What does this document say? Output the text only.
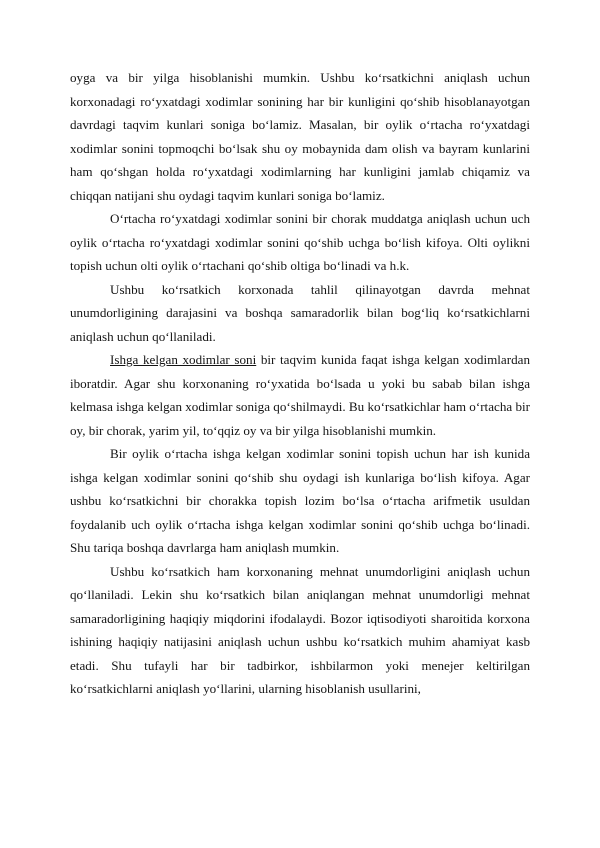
oyga va bir yilga hisoblanishi mumkin. Ushbu ko‘rsatkichni aniqlash uchun korxonadagi ro‘yxatdagi xodimlar sonining har bir kunligini qo‘shib hisoblanayotgan davrdagi taqvim kunlari soniga bo‘lamiz. Masalan, bir oylik o‘rtacha ro‘yxatdagi xodimlar sonini topmoqchi bo‘lsak shu oy mobaynida dam olish va bayram kunlarini ham qo‘shgan holda ro‘yxatdagi xodimlarning har kunligini jamlab chiqamiz va chiqqan natijani shu oydagi taqvim kunlari soniga bo‘lamiz.

O‘rtacha ro‘yxatdagi xodimlar sonini bir chorak muddatga aniqlash uchun uch oylik o‘rtacha ro‘yxatdagi xodimlar sonini qo‘shib uchga bo‘lish kifoya. Olti oylikni topish uchun olti oylik o‘rtachani qo‘shib oltiga bo‘linadi va h.k.

Ushbu ko‘rsatkich korxonada tahlil qilinayotgan davrda mehnat unumdorligining darajasini va boshqa samaradorlik bilan bog‘liq ko‘rsatkichlarni aniqlash uchun qo‘llaniladi.

Ishga kelgan xodimlar soni bir taqvim kunida faqat ishga kelgan xodimlardan iboratdir. Agar shu korxonaning ro‘yxatida bo‘lsada u yoki bu sabab bilan ishga kelmasa ishga kelgan xodimlar soniga qo‘shilmaydi. Bu ko‘rsatkichlar ham o‘rtacha bir oy, bir chorak, yarim yil, to‘qqiz oy va bir yilga hisoblanishi mumkin.

Bir oylik o‘rtacha ishga kelgan xodimlar sonini topish uchun har ish kunida ishga kelgan xodimlar sonini qo‘shib shu oydagi ish kunlariga bo‘lish kifoya. Agar ushbu ko‘rsatkichni bir chorakka topish lozim bo‘lsa o‘rtacha arifmetik usuldan foydalanib uch oylik o‘rtacha ishga kelgan xodimlar sonini qo‘shib uchga bo‘linadi. Shu tariqa boshqa davrlarga ham aniqlash mumkin.

Ushbu ko‘rsatkich ham korxonaning mehnat unumdorligini aniqlash uchun qo‘llaniladi. Lekin shu ko‘rsatkich bilan aniqlangan mehnat unumdorligi mehnat samaradorligining haqiqiy miqdorini ifodalaydi. Bozor iqtisodiyoti sharoitida korxona ishining haqiqiy natijasini aniqlash uchun ushbu ko‘rsatkich muhim ahamiyat kasb etadi. Shu tufayli har bir tadbirkor, ishbilarmon yoki menejer keltirilgan ko‘rsatkichlarni aniqlash yo‘llarini, ularning hisoblanish usullarini,
